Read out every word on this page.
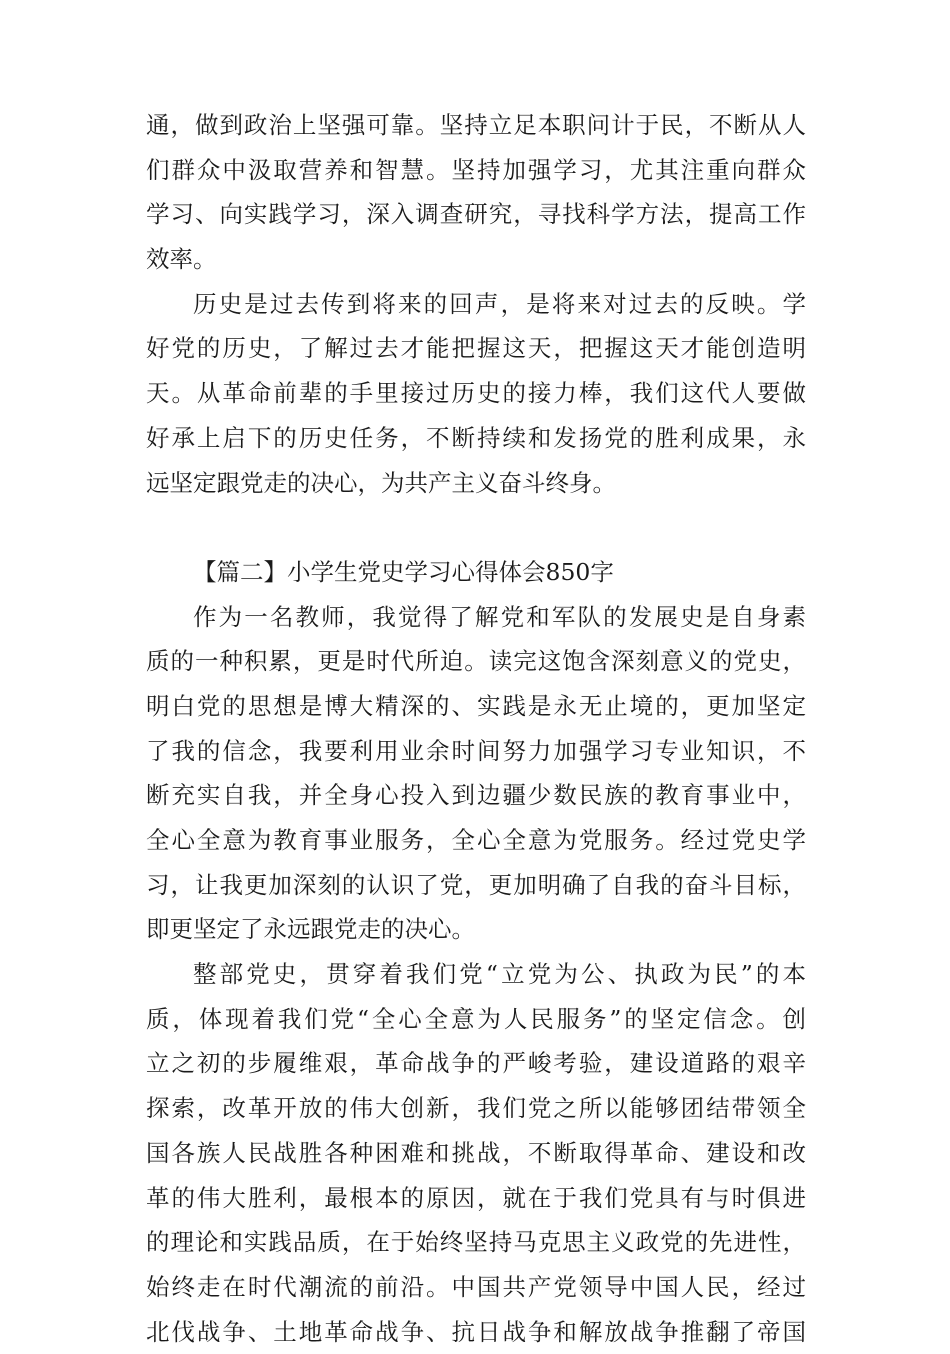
通，做到政治上坚强可靠。坚持立足本职问计于民，不断从人
们群众中汲取营养和智慧。坚持加强学习，尤其注重向群众
学习、向实践学习，深入调查研究，寻找科学方法，提高工作
效率。
历史是过去传到将来的回声，是将来对过去的反映。学
好党的历史，了解过去才能把握这天，把握这天才能创造明
天。从革命前辈的手里接过历史的接力棒，我们这代人要做
好承上启下的历史任务，不断持续和发扬党的胜利成果，永
远坚定跟党走的决心，为共产主义奋斗终身。
【篇二】小学生党史学习心得体会850字
作为一名教师，我觉得了解党和军队的发展史是自身素
质的一种积累，更是时代所迫。读完这饱含深刻意义的党史，
明白党的思想是博大精深的、实践是永无止境的，更加坚定
了我的信念，我要利用业余时间努力加强学习专业知识，不
断充实自我，并全身心投入到边疆少数民族的教育事业中，
全心全意为教育事业服务，全心全意为党服务。经过党史学
习，让我更加深刻的认识了党，更加明确了自我的奋斗目标，
即更坚定了永远跟党走的决心。
整部党史，贯穿着我们党“立党为公、执政为民”的本
质，体现着我们党“全心全意为人民服务”的坚定信念。创
立之初的步履维艰，革命战争的严峻考验，建设道路的艰辛
探索，改革开放的伟大创新，我们党之所以能够团结带领全
国各族人民战胜各种困难和挑战，不断取得革命、建设和改
革的伟大胜利，最根本的原因，就在于我们党具有与时俱进
的理论和实践品质，在于始终坚持马克思主义政党的先进性，
始终走在时代潮流的前沿。中国共产党领导中国人民，经过
北伐战争、土地革命战争、抗日战争和解放战争推翻了帝国
